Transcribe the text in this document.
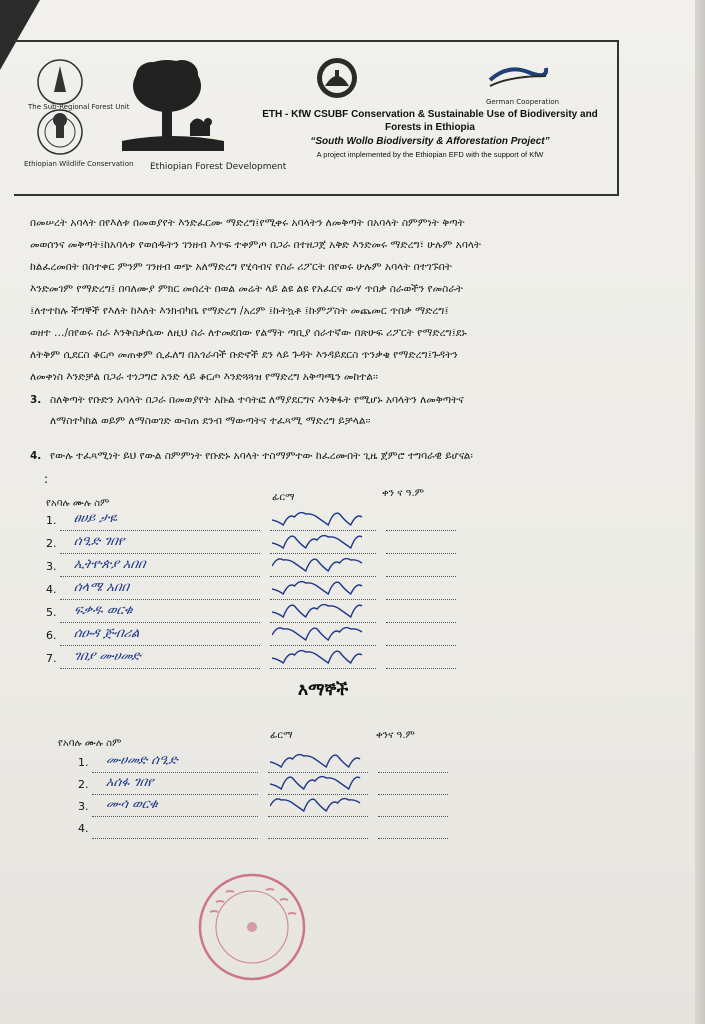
The Sub-Regional Forest Unit
Ethiopian Wildlife Conservation Ethiopian Forest Development
German Cooperation
ETH - KfW CSUBF Conservation & Sustainable Use of Biodiversity and
Forests in Ethiopia
“South Wollo Biodiversity & Afforestation Project”
A project implemented by the Ethiopian EFD with the support of KfW
በመሠረት አባላት በየእለቱ በመወያየት እንድፈርሙ ማድረግ፤የሚቀሩ አባላትን ለመቅጣት በአባላት ስምምነት ቅጣት
መወሰንና መቅጣት፤ከአባላቱ የወሰዱትን ገንዘብ እጥፍ ተቀምጦ በጋራ በተዘጋጀ አቅድ እንድመሩ ማድረግ፣ ሁሉም አባላት
ከልፈረመበት በስተቀር ምንም ገንዘብ ወጭ አለማድረግ የሂሳብና የስራ ሪፖርት በየወሩ ሁሉም አባላት በተገኙበት
እንድመገም የማድረግ፤ በባለሙያ ምክር መሰረት በወል መሬት ላይ ልዩ ልዩ የአፈርና ውሃ ጥበቃ ስራወችን የመስራት
፤ለተተከሉ ችግኞች የእለት ከእለት እንክብካቤ የማድረግ /አረም ፤ኩትኳቶ ፤ኩምፖስት መጨመር ጥበቃ ማድረግ፤
ወዘተ …/በየወሩ ስራ እንቅስቃሴው ለዚህ ስራ ለተመደበው የልማት ጣቢያ ሰራተኛው በጽሁፍ ሪፖርት የማድረግ፤ደኑ
ለትቅም ሲደርስ ቆርጦ መጠቀም ሲፈለግ በአጎራባች ቡድኖች ደን ላይ ጉዳት እንዳይደርስ ጥንቃቄ የማድረግ፤ጉዳትን
ለመቀነስ እንድቻል በጋራ ተነጋግሮ አንድ ላይ ቆርጦ እንድጓጓዝ የማድረግ አቅጣጫን መከተል፡፡
3. ስለቅጣት የቡድን አባላት በጋራ በመወያየት አኩል ተሳትፎ ለማያደርግና እንቅፋት የሚሆኑ አባላትን ለመቅጣትና
ለማስተካከል ወይም ለማስወገድ ውስጠ ደንብ ማውጣትና ተፈጻሚ ማድረግ ይቻላል፡፡
4. የውሉ ተፈጻሚነት ይህ የውል ስምምነት የቡድኑ አባላት ተስማምተው ከፈረሙበት ጊዜ ጀምሮ ተግባራዊ ይሆናል፡
:
የአባሉ ሙሉ ስም
ፊርማ	ቀን ና ዓ.ም
እማኞች
የአባሉ ሙሉ ስም
ፊርማ	ቀንና ዓ.ም
1. ፀሀይ ታዬ
2. ሰዒድ ገበየ
3. ኢትዮጵያ አበበ
4. ሰላሜ አበበ
5. ፍቃዱ ወርቁ
6. ሰዑዳ ጅብሪል
7. ገበያ ሙሀመድ
1. ሙሀመድ ሰዒድ
2. አሰፋ ገበየ
3. ሙሳ ወርቁ
4.
